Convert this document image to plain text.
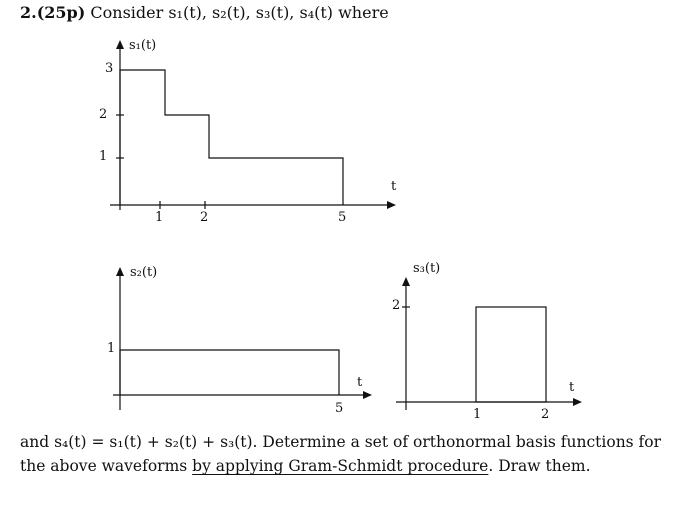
2.(25p) Consider s₁(t), s₂(t), s₃(t), s₄(t) where
s₁(t)
3
2
1
1	2	5
t
s₂(t)
1
5
t
s₃(t)
2
1	2
t
and s₄(t) = s₁(t) + s₂(t) + s₃(t). Determine a set of orthonormal basis functions for the above waveforms by applying Gram-Schmidt procedure. Draw them.
